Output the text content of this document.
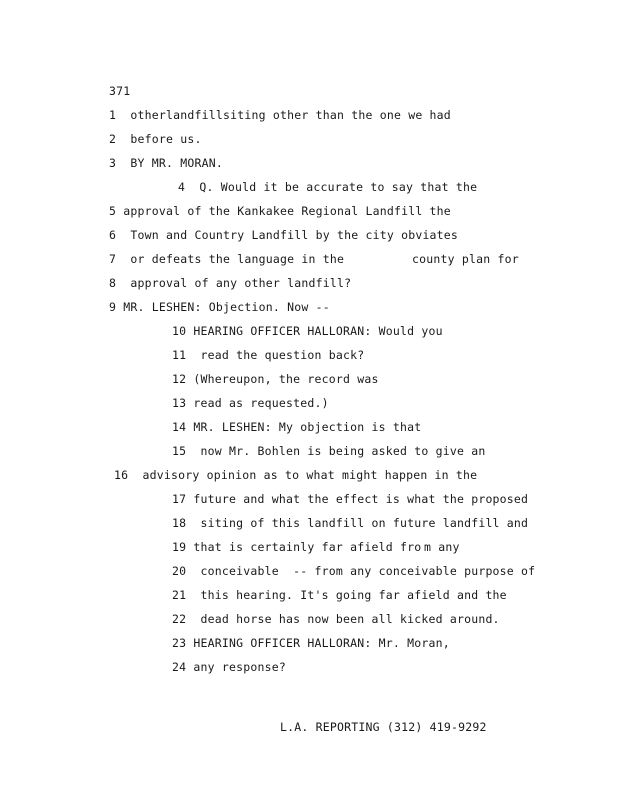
371
1  otherlandfillsiting other than the one we had
2  before us.
3  BY MR. MORAN.
4  Q. Would it be accurate to say that the
5 approval of the Kankakee Regional Landfill the
6  Town and Country Landfill by the city obviates
7  or defeats the language in the	county plan for
8  approval of any other landfill?
9 MR. LESHEN: Objection. Now --
10 HEARING OFFICER HALLORAN: Would you
11  read the question back?
12 (Whereupon, the record was
13 read as requested.)
14 MR. LESHEN: My objection is that
15  now Mr. Bohlen is being asked to give an
16  advisory opinion as to what might happen in the
17 future and what the effect is what the proposed
18  siting of this landfill on future landfill and
19 that is certainly far afield fro m any
20  conceivable  -- from any conceivable purpose of
21  this hearing. It's going far afield and the
22  dead horse has now been all kicked around.
23 HEARING OFFICER HALLORAN: Mr. Moran,
24 any response?
L.A. REPORTING (312) 419-9292
